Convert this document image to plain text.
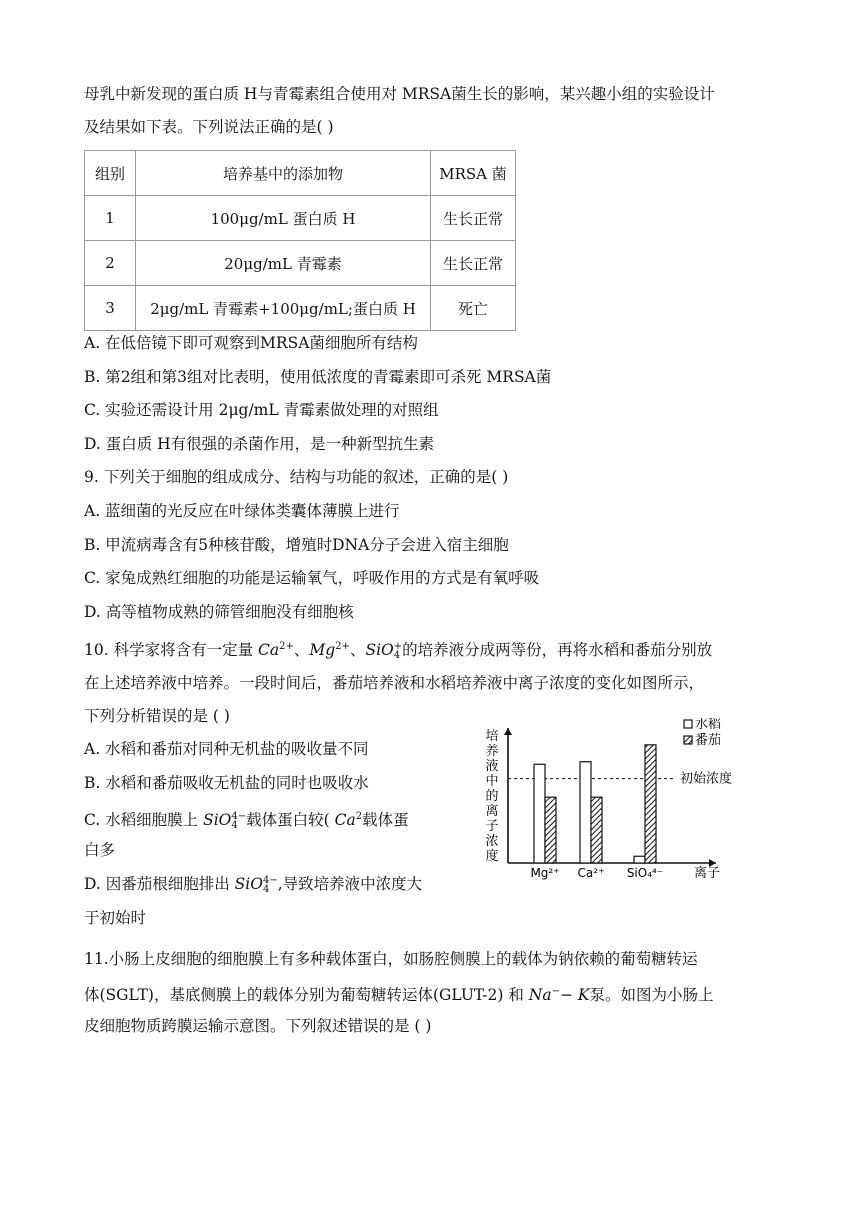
母乳中新发现的蛋白质 H与青霉素组合使用对 MRSA菌生长的影响，某兴趣小组的实验设计
及结果如下表。下列说法正确的是( )
组别	培养基中的添加物	MRSA 菌
1	100μg/mL 蛋白质 H	生长正常
2	20μg/mL 青霉素	生长正常
3	2μg/mL 青霉素+100μg/mL;蛋白质 H	死亡
A. 在低倍镜下即可观察到MRSA菌细胞所有结构
B. 第2组和第3组对比表明，使用低浓度的青霉素即可杀死 MRSA菌
C. 实验还需设计用 2μg/mL 青霉素做处理的对照组
D. 蛋白质 H有很强的杀菌作用，是一种新型抗生素
9. 下列关于细胞的组成成分、结构与功能的叙述，正确的是( )
A. 蓝细菌的光反应在叶绿体类囊体薄膜上进行
B. 甲流病毒含有5种核苷酸，增殖时DNA分子会进入宿主细胞
C. 家兔成熟红细胞的功能是运输氧气，呼吸作用的方式是有氧呼吸
D. 高等植物成熟的筛管细胞没有细胞核
10. 科学家将含有一定量 $Ca^{2+}$、$Mg^{2+}$、SiO +
4 的培养液分成两等份，再将水稻和番茄分别放
在上述培养液中培养。一段时间后，番茄培养液和水稻培养液中离子浓度的变化如图所示，
下列分析错误的是 ( )
A. 水稻和番茄对同种无机盐的吸收量不同
B. 水稻和番茄吸收无机盐的同时也吸收水
C. 水稻细胞膜上 SiO 4−
4 载体蛋白较( Ca$^2$载体蛋
白多
D. 因番茄根细胞排出 SiO 4−
4 ,导致培养液中浓度大
于初始时
Mg²⁺ Ca²⁺ SiO₄⁴⁻
培
养
液
中
的
离
子
浓
度
离子
水稻
番茄
初始浓度
11.小肠上皮细胞的细胞膜上有多种载体蛋白，如肠腔侧膜上的载体为钠依赖的葡萄糖转运
体(SGLT)，基底侧膜上的载体分别为葡萄糖转运体(GLUT-2) 和 Na−− K泵。如图为小肠上
皮细胞物质跨膜运输示意图。下列叙述错误的是 ( )
